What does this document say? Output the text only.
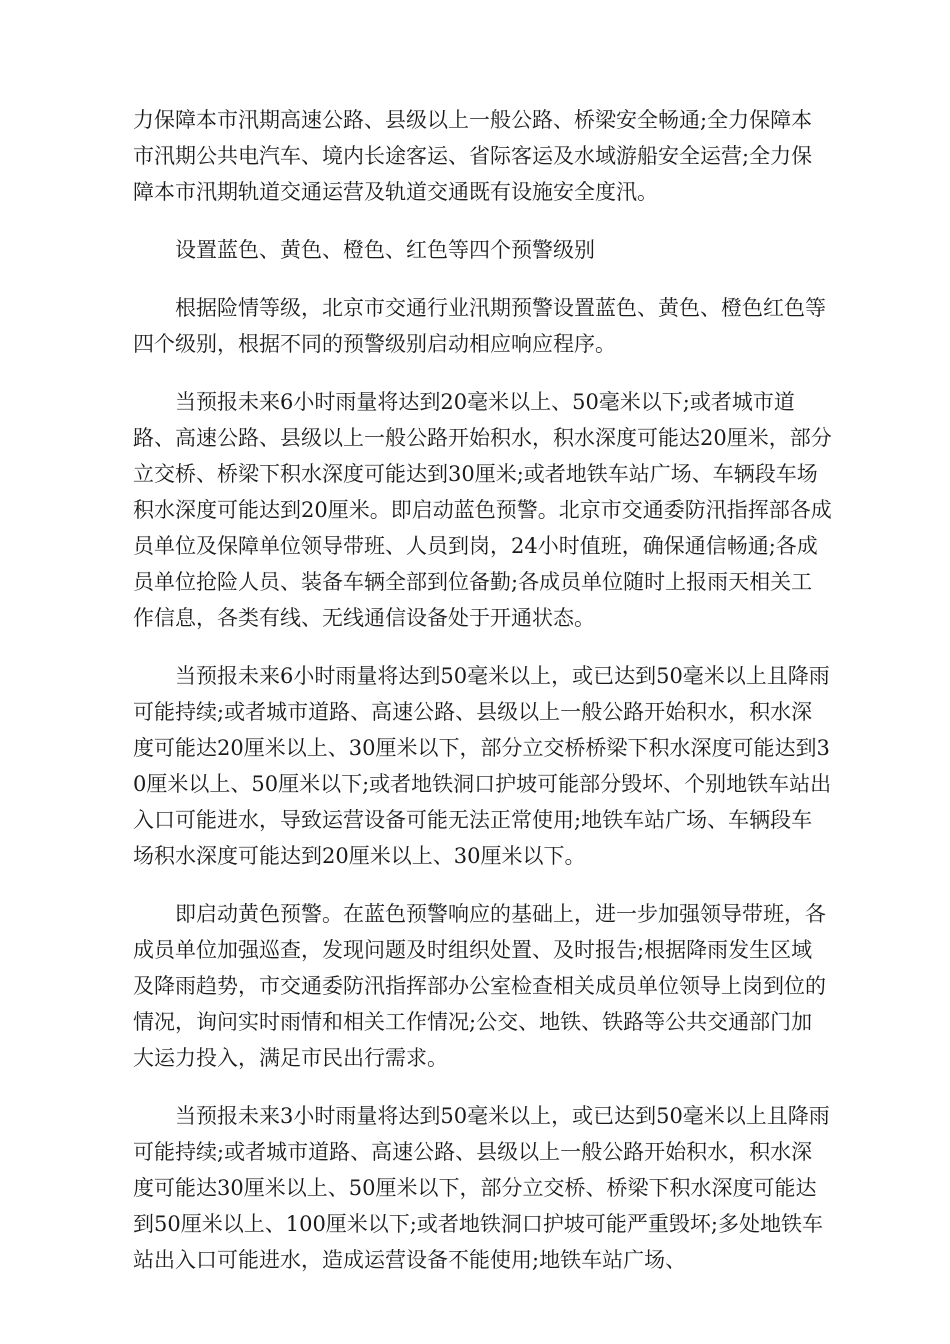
力保障本市汛期高速公路、县级以上一般公路、桥梁安全畅通;全力保障本市汛期公共电汽车、境内长途客运、省际客运及水域游船安全运营;全力保障本市汛期轨道交通运营及轨道交通既有设施安全度汛。

设置蓝色、黄色、橙色、红色等四个预警级别

根据险情等级，北京市交通行业汛期预警设置蓝色、黄色、橙色红色等四个级别，根据不同的预警级别启动相应响应程序。

当预报未来6小时雨量将达到20毫米以上、50毫米以下;或者城市道路、高速公路、县级以上一般公路开始积水，积水深度可能达20厘米，部分立交桥、桥梁下积水深度可能达到30厘米;或者地铁车站广场、车辆段车场积水深度可能达到20厘米。即启动蓝色预警。北京市交通委防汛指挥部各成员单位及保障单位领导带班、人员到岗，24小时值班，确保通信畅通;各成员单位抢险人员、装备车辆全部到位备勤;各成员单位随时上报雨天相关工作信息，各类有线、无线通信设备处于开通状态。

当预报未来6小时雨量将达到50毫米以上，或已达到50毫米以上且降雨可能持续;或者城市道路、高速公路、县级以上一般公路开始积水，积水深度可能达20厘米以上、30厘米以下，部分立交桥桥梁下积水深度可能达到30厘米以上、50厘米以下;或者地铁洞口护坡可能部分毁坏、个别地铁车站出入口可能进水，导致运营设备可能无法正常使用;地铁车站广场、车辆段车场积水深度可能达到20厘米以上、30厘米以下。

即启动黄色预警。在蓝色预警响应的基础上，进一步加强领导带班，各成员单位加强巡查，发现问题及时组织处置、及时报告;根据降雨发生区域及降雨趋势，市交通委防汛指挥部办公室检查相关成员单位领导上岗到位的情况，询问实时雨情和相关工作情况;公交、地铁、铁路等公共交通部门加大运力投入，满足市民出行需求。

当预报未来3小时雨量将达到50毫米以上，或已达到50毫米以上且降雨可能持续;或者城市道路、高速公路、县级以上一般公路开始积水，积水深度可能达30厘米以上、50厘米以下，部分立交桥、桥梁下积水深度可能达到50厘米以上、100厘米以下;或者地铁洞口护坡可能严重毁坏;多处地铁车站出入口可能进水，造成运营设备不能使用;地铁车站广场、
